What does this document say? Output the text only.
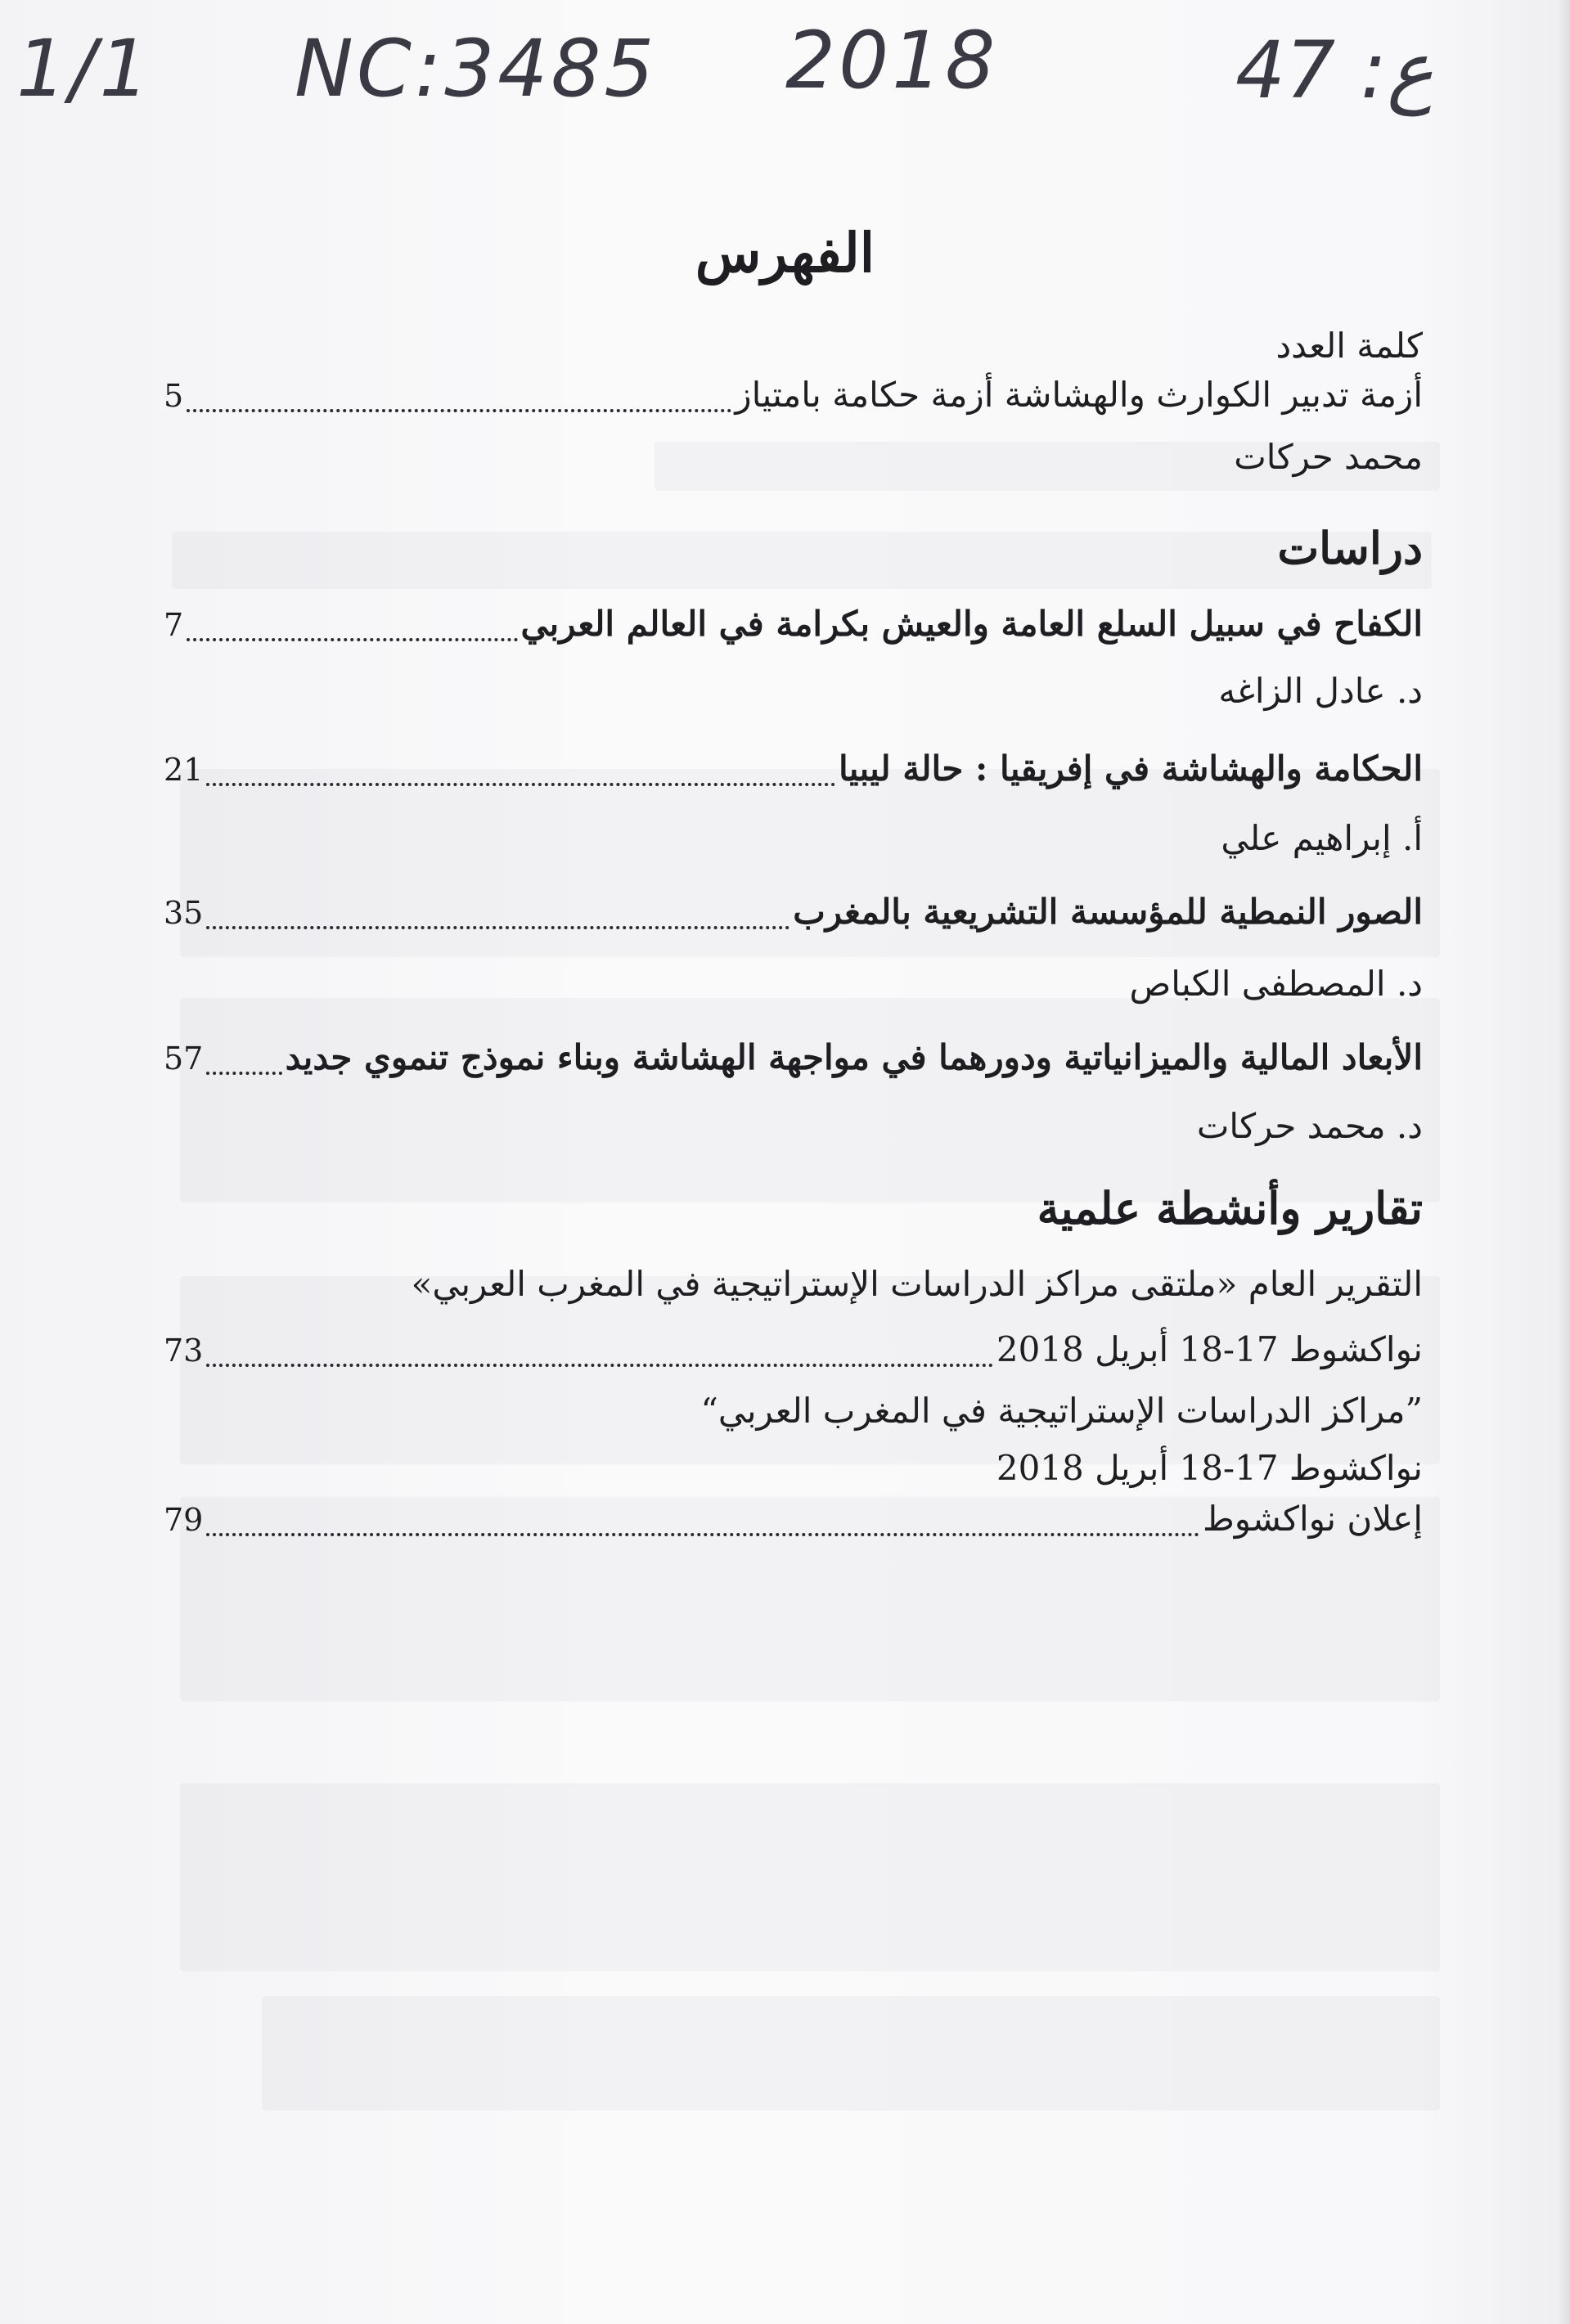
1/1 NC:3485 2018	ع: 47
الفهرس
كلمة العدد
أزمة تدبير الكوارث والهشاشة أزمة حكامة بامتياز
5
محمد حركات
دراسات
الكفاح في سبيل السلع العامة والعيش بكرامة في العالم العربي
7
د. عادل الزاغه
الحكامة والهشاشة في إفريقيا : حالة ليبيا
21
أ. إبراهيم علي
الصور النمطية للمؤسسة التشريعية بالمغرب
35
د. المصطفى الكباص
الأبعاد المالية والميزانياتية ودورهما في مواجهة الهشاشة وبناء نموذج تنموي جديد
57
د. محمد حركات
تقارير وأنشطة علمية
التقرير العام «ملتقى مراكز الدراسات الإستراتيجية في المغرب العربي»
نواكشوط 17-18 أبريل 2018
73
”مراكز الدراسات الإستراتيجية في المغرب العربي“
نواكشوط 17-18 أبريل 2018
إعلان نواكشوط
79
